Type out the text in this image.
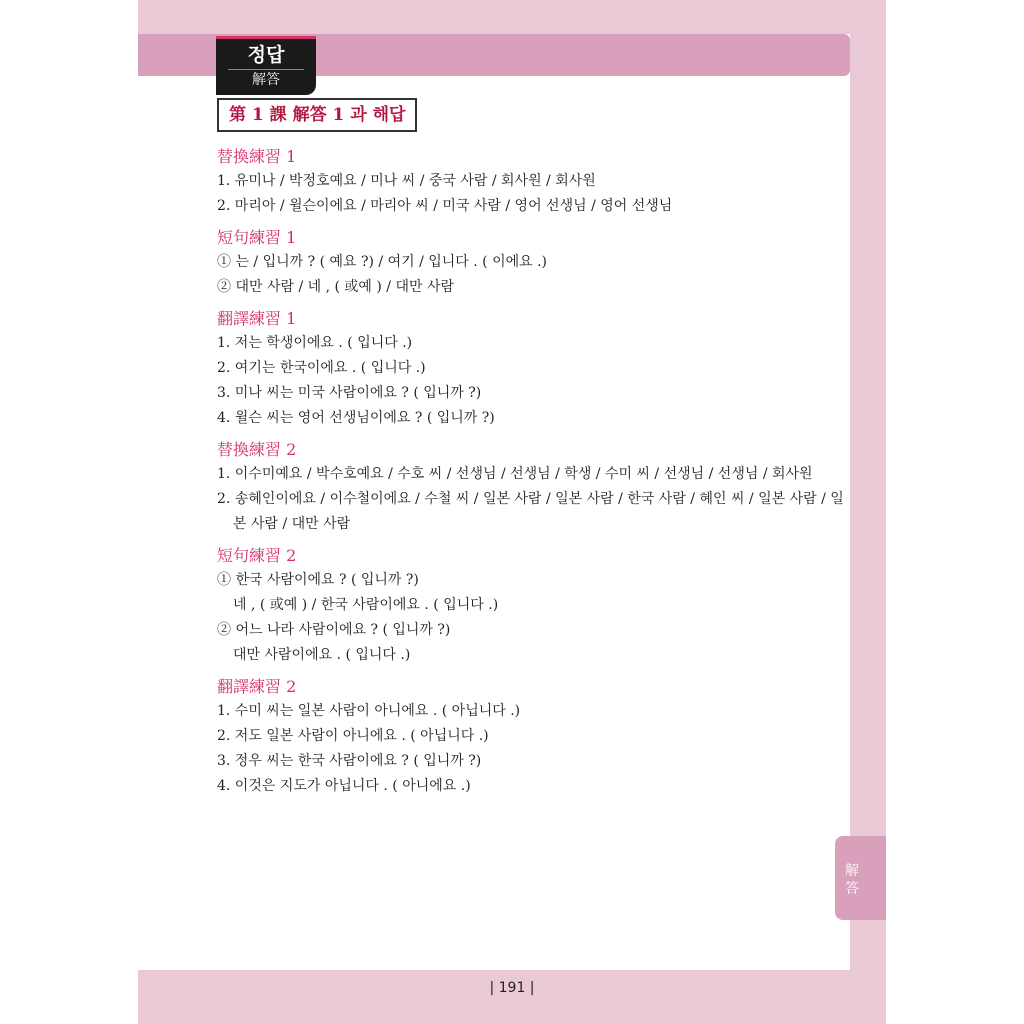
정답
解答
第 1 課 解答 1 과 해답
替換練習 1
1. 유미나 / 박정호예요 / 미나 씨 / 중국 사람 / 회사원 / 회사원
2. 마리아 / 윌슨이에요 / 마리아 씨 / 미국 사람 / 영어 선생님 / 영어 선생님
短句練習 1
① 는 / 입니까 ? ( 예요 ?) / 여기 / 입니다 . ( 이에요 .)
② 대만 사람 / 네 , ( 或예 ) / 대만 사람
翻譯練習 1
1. 저는 학생이에요 . ( 입니다 .)
2. 여기는 한국이에요 . ( 입니다 .)
3. 미나 씨는 미국 사람이에요 ? ( 입니까 ?)
4. 윌슨 씨는 영어 선생님이에요 ? ( 입니까 ?)
替換練習 2
1. 이수미예요 / 박수호예요 / 수호 씨 / 선생님 / 선생님 / 학생 / 수미 씨 / 선생님 / 선생님 / 회사원
2. 송혜인이에요 / 이수철이에요 / 수철 씨 / 일본 사람 / 일본 사람 / 한국 사람 / 혜인 씨 / 일본 사람 / 일
본 사람 / 대만 사람
短句練習 2
① 한국 사람이에요 ? ( 입니까 ?)
네 , ( 或예 ) / 한국 사람이에요 . ( 입니다 .)
② 어느 나라 사람이에요 ? ( 입니까 ?)
대만 사람이에요 . ( 입니다 .)
翻譯練習 2
1. 수미 씨는 일본 사람이 아니에요 . ( 아닙니다 .)
2. 저도 일본 사람이 아니에요 . ( 아닙니다 .)
3. 정우 씨는 한국 사람이에요 ? ( 입니까 ?)
4. 이것은 지도가 아닙니다 . ( 아니에요 .)
解答
| 191 |
